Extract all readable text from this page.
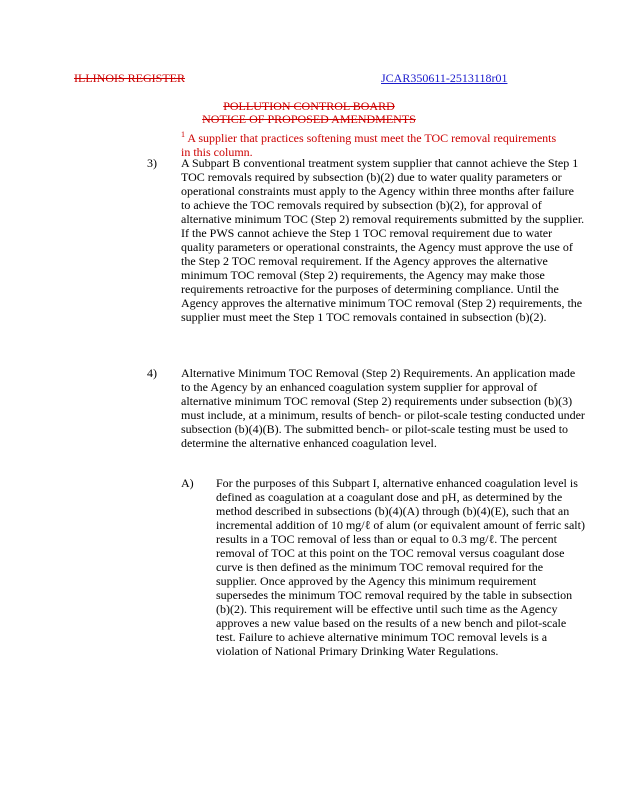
ILLINOIS REGISTER	JCAR350611-2513118r01
POLLUTION CONTROL BOARD
NOTICE OF PROPOSED AMENDMENTS
$^1$ A supplier that practices softening must meet the TOC removal requirements in this column.
3) A Subpart B conventional treatment system supplier that cannot achieve the Step 1 TOC removals required by subsection (b)(2) due to water quality parameters or operational constraints must apply to the Agency within three months after failure to achieve the TOC removals required by subsection (b)(2), for approval of alternative minimum TOC (Step 2) removal requirements submitted by the supplier. If the PWS cannot achieve the Step 1 TOC removal requirement due to water quality parameters or operational constraints, the Agency must approve the use of the Step 2 TOC removal requirement. If the Agency approves the alternative minimum TOC removal (Step 2) requirements, the Agency may make those requirements retroactive for the purposes of determining compliance. Until the Agency approves the alternative minimum TOC removal (Step 2) requirements, the supplier must meet the Step 1 TOC removals contained in subsection (b)(2).
4) Alternative Minimum TOC Removal (Step 2) Requirements. An application made to the Agency by an enhanced coagulation system supplier for approval of alternative minimum TOC removal (Step 2) requirements under subsection (b)(3) must include, at a minimum, results of bench- or pilot-scale testing conducted under subsection (b)(4)(B). The submitted bench- or pilot-scale testing must be used to determine the alternative enhanced coagulation level.
A) For the purposes of this Subpart I, alternative enhanced coagulation level is defined as coagulation at a coagulant dose and pH, as determined by the method described in subsections (b)(4)(A) through (b)(4)(E), such that an incremental addition of 10 mg/ℓ of alum (or equivalent amount of ferric salt) results in a TOC removal of less than or equal to 0.3 mg/ℓ. The percent removal of TOC at this point on the TOC removal versus coagulant dose curve is then defined as the minimum TOC removal required for the supplier. Once approved by the Agency this minimum requirement supersedes the minimum TOC removal required by the table in subsection (b)(2). This requirement will be effective until such time as the Agency approves a new value based on the results of a new bench and pilot-scale test. Failure to achieve alternative minimum TOC removal levels is a violation of National Primary Drinking Water Regulations.
